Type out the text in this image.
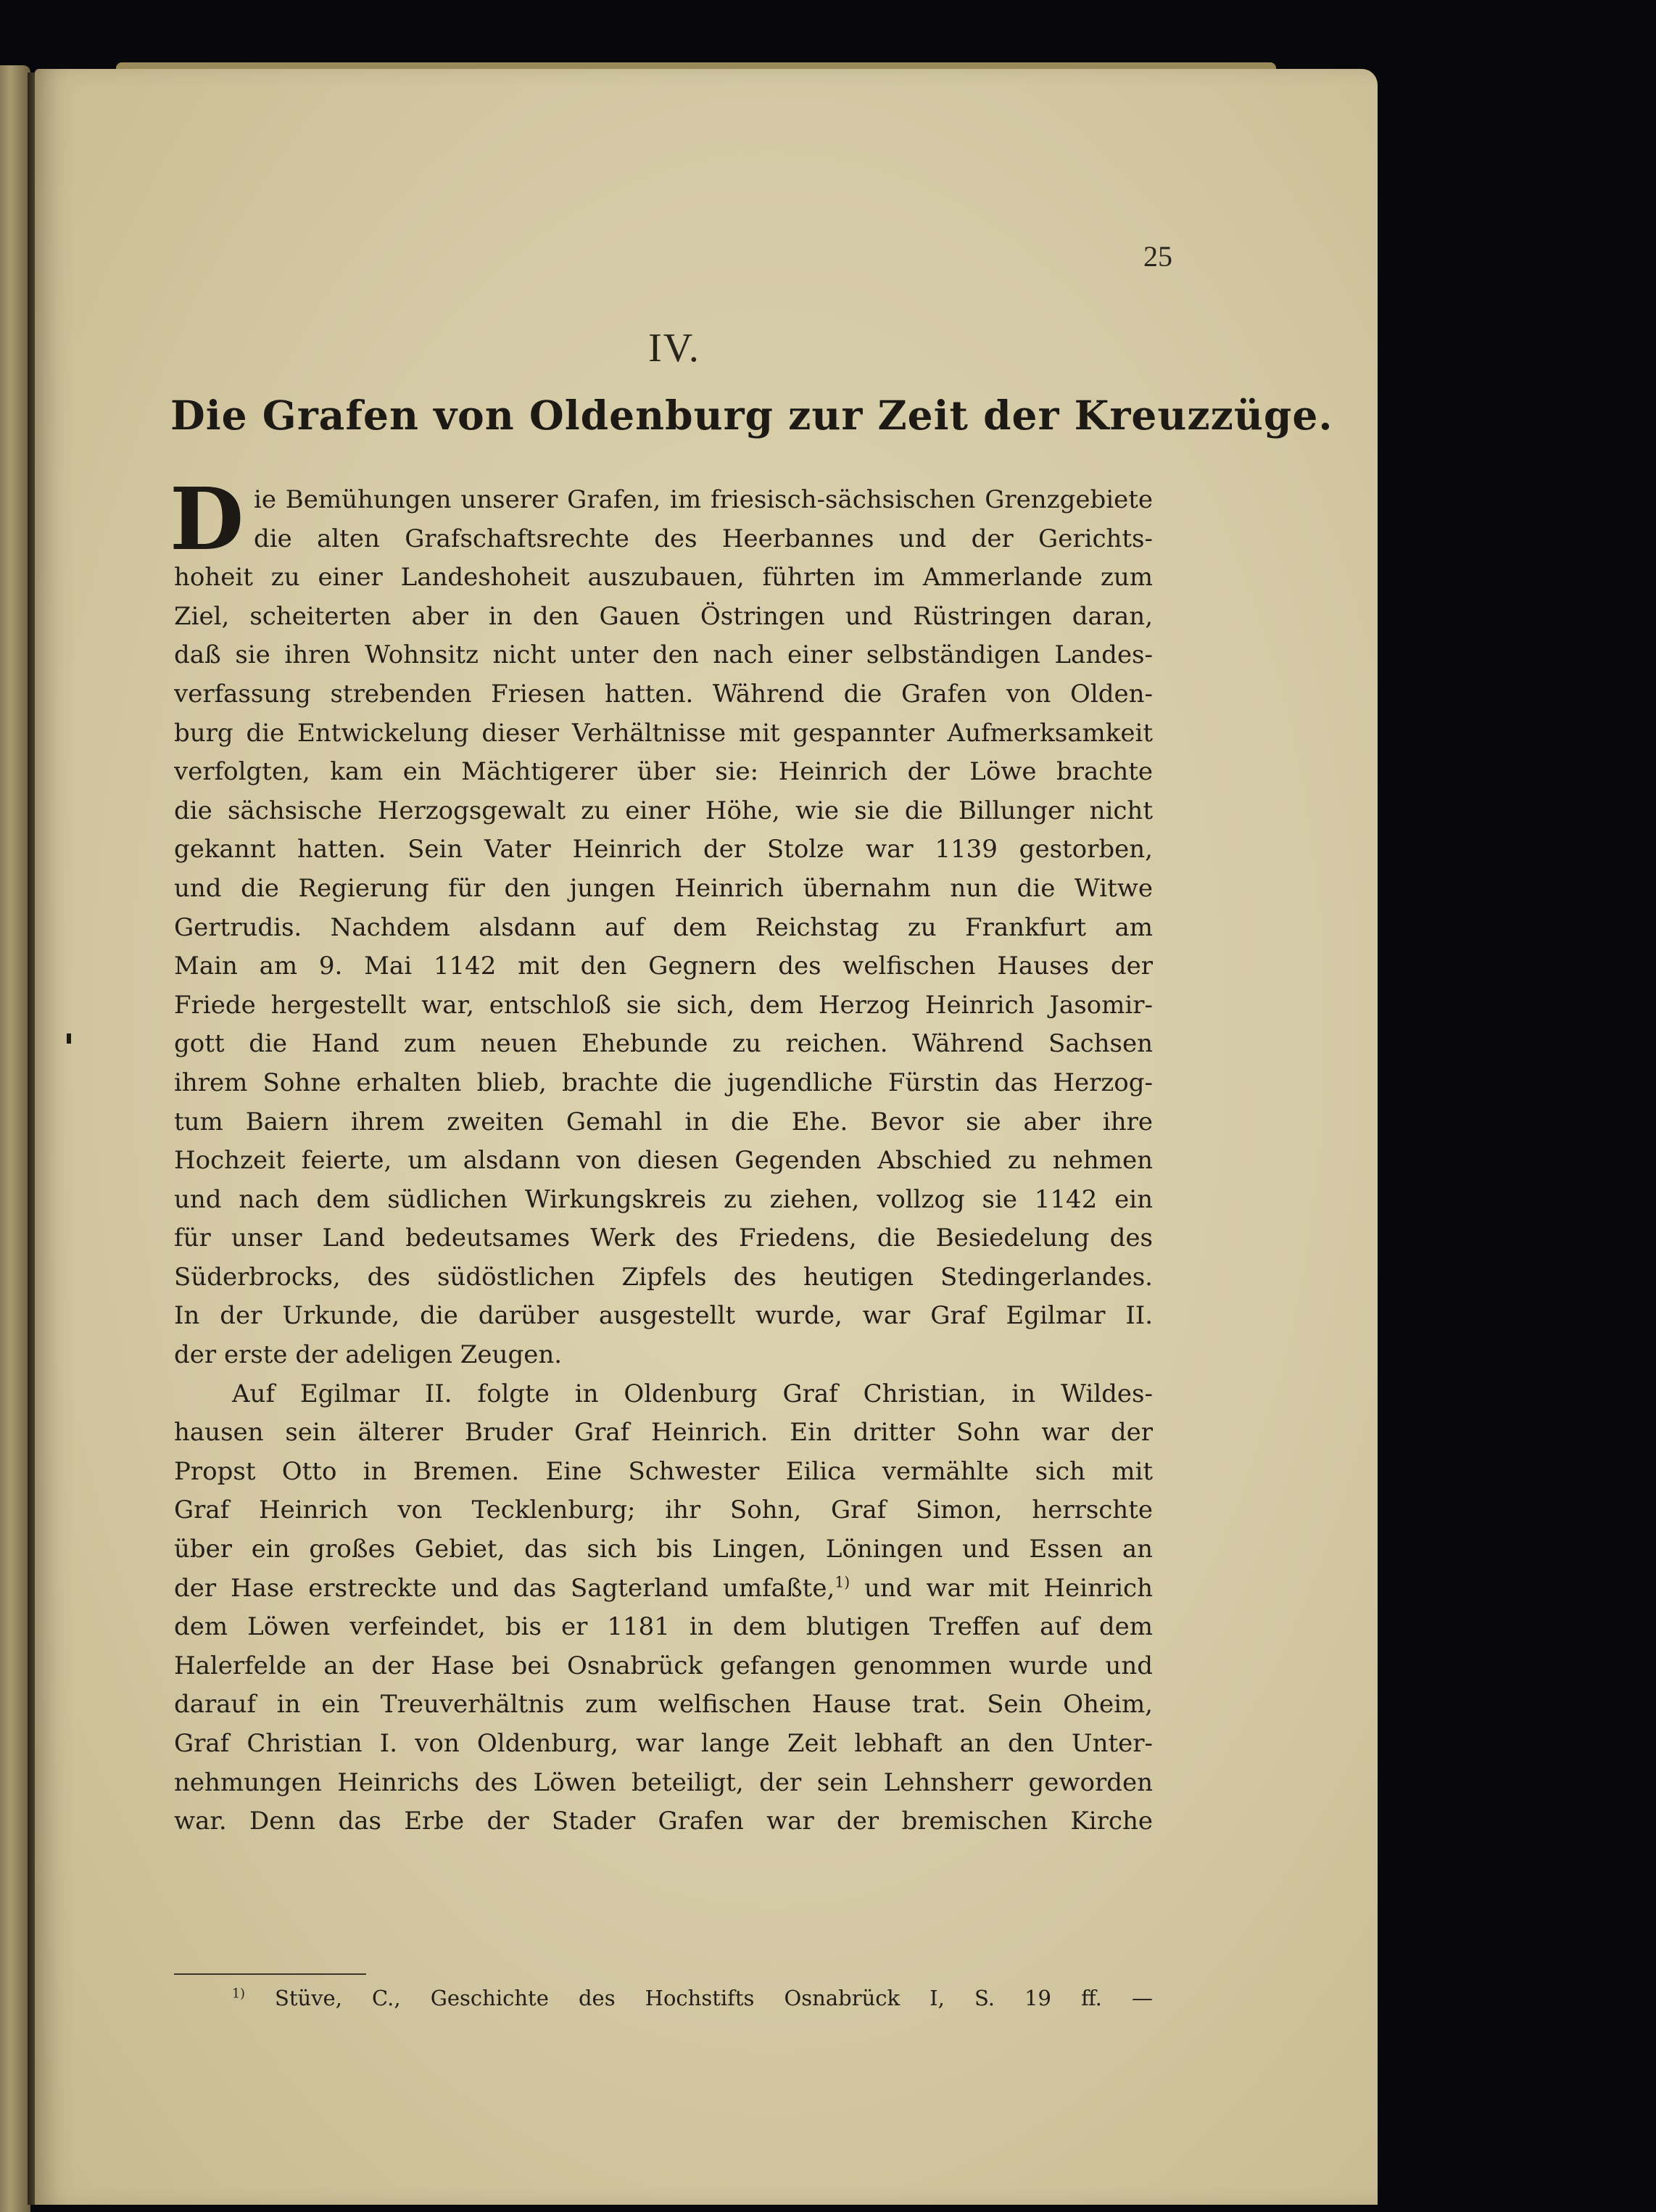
25
IV.
Die Grafen von Oldenburg zur Zeit der Kreuzzüge.
D ie Bemühungen unserer Grafen, im friesisch-sächsischen Grenzgebiete
die alten Grafschaftsrechte des Heerbannes und der Gerichts-
hoheit zu einer Landeshoheit auszubauen, führten im Ammerlande zum
Ziel, scheiterten aber in den Gauen Östringen und Rüstringen daran,
daß sie ihren Wohnsitz nicht unter den nach einer selbständigen Landes-
verfassung strebenden Friesen hatten. Während die Grafen von Olden-
burg die Entwickelung dieser Verhältnisse mit gespannter Aufmerksamkeit
verfolgten, kam ein Mächtigerer über sie: Heinrich der Löwe brachte
die sächsische Herzogsgewalt zu einer Höhe, wie sie die Billunger nicht
gekannt hatten. Sein Vater Heinrich der Stolze war 1139 gestorben,
und die Regierung für den jungen Heinrich übernahm nun die Witwe
Gertrudis. Nachdem alsdann auf dem Reichstag zu Frankfurt am
Main am 9. Mai 1142 mit den Gegnern des welfischen Hauses der
Friede hergestellt war, entschloß sie sich, dem Herzog Heinrich Jasomir-
gott die Hand zum neuen Ehebunde zu reichen. Während Sachsen
ihrem Sohne erhalten blieb, brachte die jugendliche Fürstin das Herzog-
tum Baiern ihrem zweiten Gemahl in die Ehe. Bevor sie aber ihre
Hochzeit feierte, um alsdann von diesen Gegenden Abschied zu nehmen
und nach dem südlichen Wirkungskreis zu ziehen, vollzog sie 1142 ein
für unser Land bedeutsames Werk des Friedens, die Besiedelung des
Süderbrocks, des südöstlichen Zipfels des heutigen Stedingerlandes.
In der Urkunde, die darüber ausgestellt wurde, war Graf Egilmar II.
der erste der adeligen Zeugen.
Auf Egilmar II. folgte in Oldenburg Graf Christian, in Wildes-
hausen sein älterer Bruder Graf Heinrich. Ein dritter Sohn war der
Propst Otto in Bremen. Eine Schwester Eilica vermählte sich mit
Graf Heinrich von Tecklenburg; ihr Sohn, Graf Simon, herrschte
über ein großes Gebiet, das sich bis Lingen, Löningen und Essen an
der Hase erstreckte und das Sagterland umfaßte,$^{1)}$ und war mit Heinrich
dem Löwen verfeindet, bis er 1181 in dem blutigen Treffen auf dem
Halerfelde an der Hase bei Osnabrück gefangen genommen wurde und
darauf in ein Treuverhältnis zum welfischen Hause trat. Sein Oheim,
Graf Christian I. von Oldenburg, war lange Zeit lebhaft an den Unter-
nehmungen Heinrichs des Löwen beteiligt, der sein Lehnsherr geworden
war. Denn das Erbe der Stader Grafen war der bremischen Kirche
$^{1)}$ Stüve, C., Geschichte des Hochstifts Osnabrück I, S. 19 ff. —
